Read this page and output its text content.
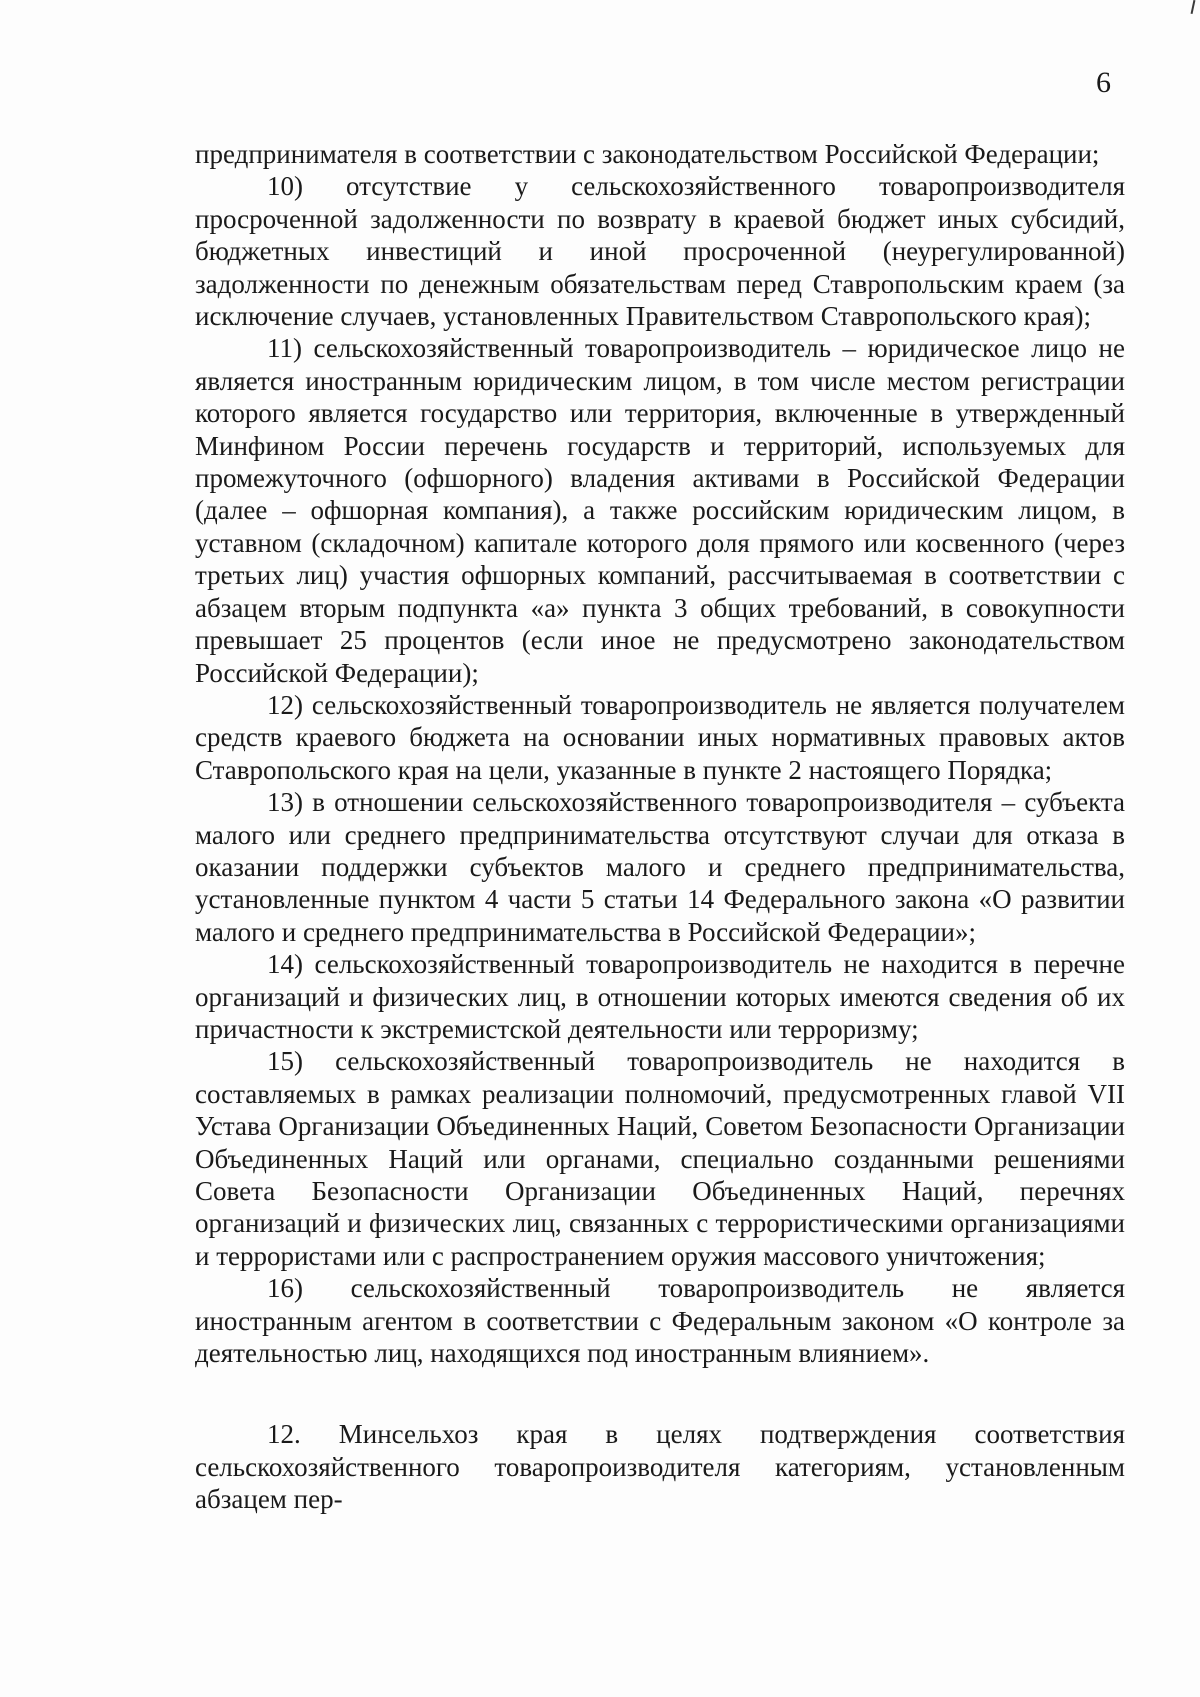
6

предпринимателя в соответствии с законодательством Российской Федерации;

10) отсутствие у сельскохозяйственного товаропроизводителя просроченной задолженности по возврату в краевой бюджет иных субсидий, бюджетных инвестиций и иной просроченной (неурегулированной) задолженности по денежным обязательствам перед Ставропольским краем (за исключение случаев, установленных Правительством Ставропольского края);

11) сельскохозяйственный товаропроизводитель – юридическое лицо не является иностранным юридическим лицом, в том числе местом регистрации которого является государство или территория, включенные в утвержденный Минфином России перечень государств и территорий, используемых для промежуточного (офшорного) владения активами в Российской Федерации (далее – офшорная компания), а также российским юридическим лицом, в уставном (складочном) капитале которого доля прямого или косвенного (через третьих лиц) участия офшорных компаний, рассчитываемая в соответствии с абзацем вторым подпункта «а» пункта 3 общих требований, в совокупности превышает 25 процентов (если иное не предусмотрено законодательством Российской Федерации);

12) сельскохозяйственный товаропроизводитель не является получателем средств краевого бюджета на основании иных нормативных правовых актов Ставропольского края на цели, указанные в пункте 2 настоящего Порядка;

13) в отношении сельскохозяйственного товаропроизводителя – субъекта малого или среднего предпринимательства отсутствуют случаи для отказа в оказании поддержки субъектов малого и среднего предпринимательства, установленные пунктом 4 части 5 статьи 14 Федерального закона «О развитии малого и среднего предпринимательства в Российской Федерации»;

14) сельскохозяйственный товаропроизводитель не находится в перечне организаций и физических лиц, в отношении которых имеются сведения об их причастности к экстремистской деятельности или терроризму;

15) сельскохозяйственный товаропроизводитель не находится в составляемых в рамках реализации полномочий, предусмотренных главой VII Устава Организации Объединенных Наций, Советом Безопасности Организации Объединенных Наций или органами, специально созданными решениями Совета Безопасности Организации Объединенных Наций, перечнях организаций и физических лиц, связанных с террористическими организациями и террористами или с распространением оружия массового уничтожения;

16) сельскохозяйственный товаропроизводитель не является иностранным агентом в соответствии с Федеральным законом «О контроле за деятельностью лиц, находящихся под иностранным влиянием».

12. Минсельхоз края в целях подтверждения соответствия сельскохозяйственного товаропроизводителя категориям, установленным абзацем пер-
